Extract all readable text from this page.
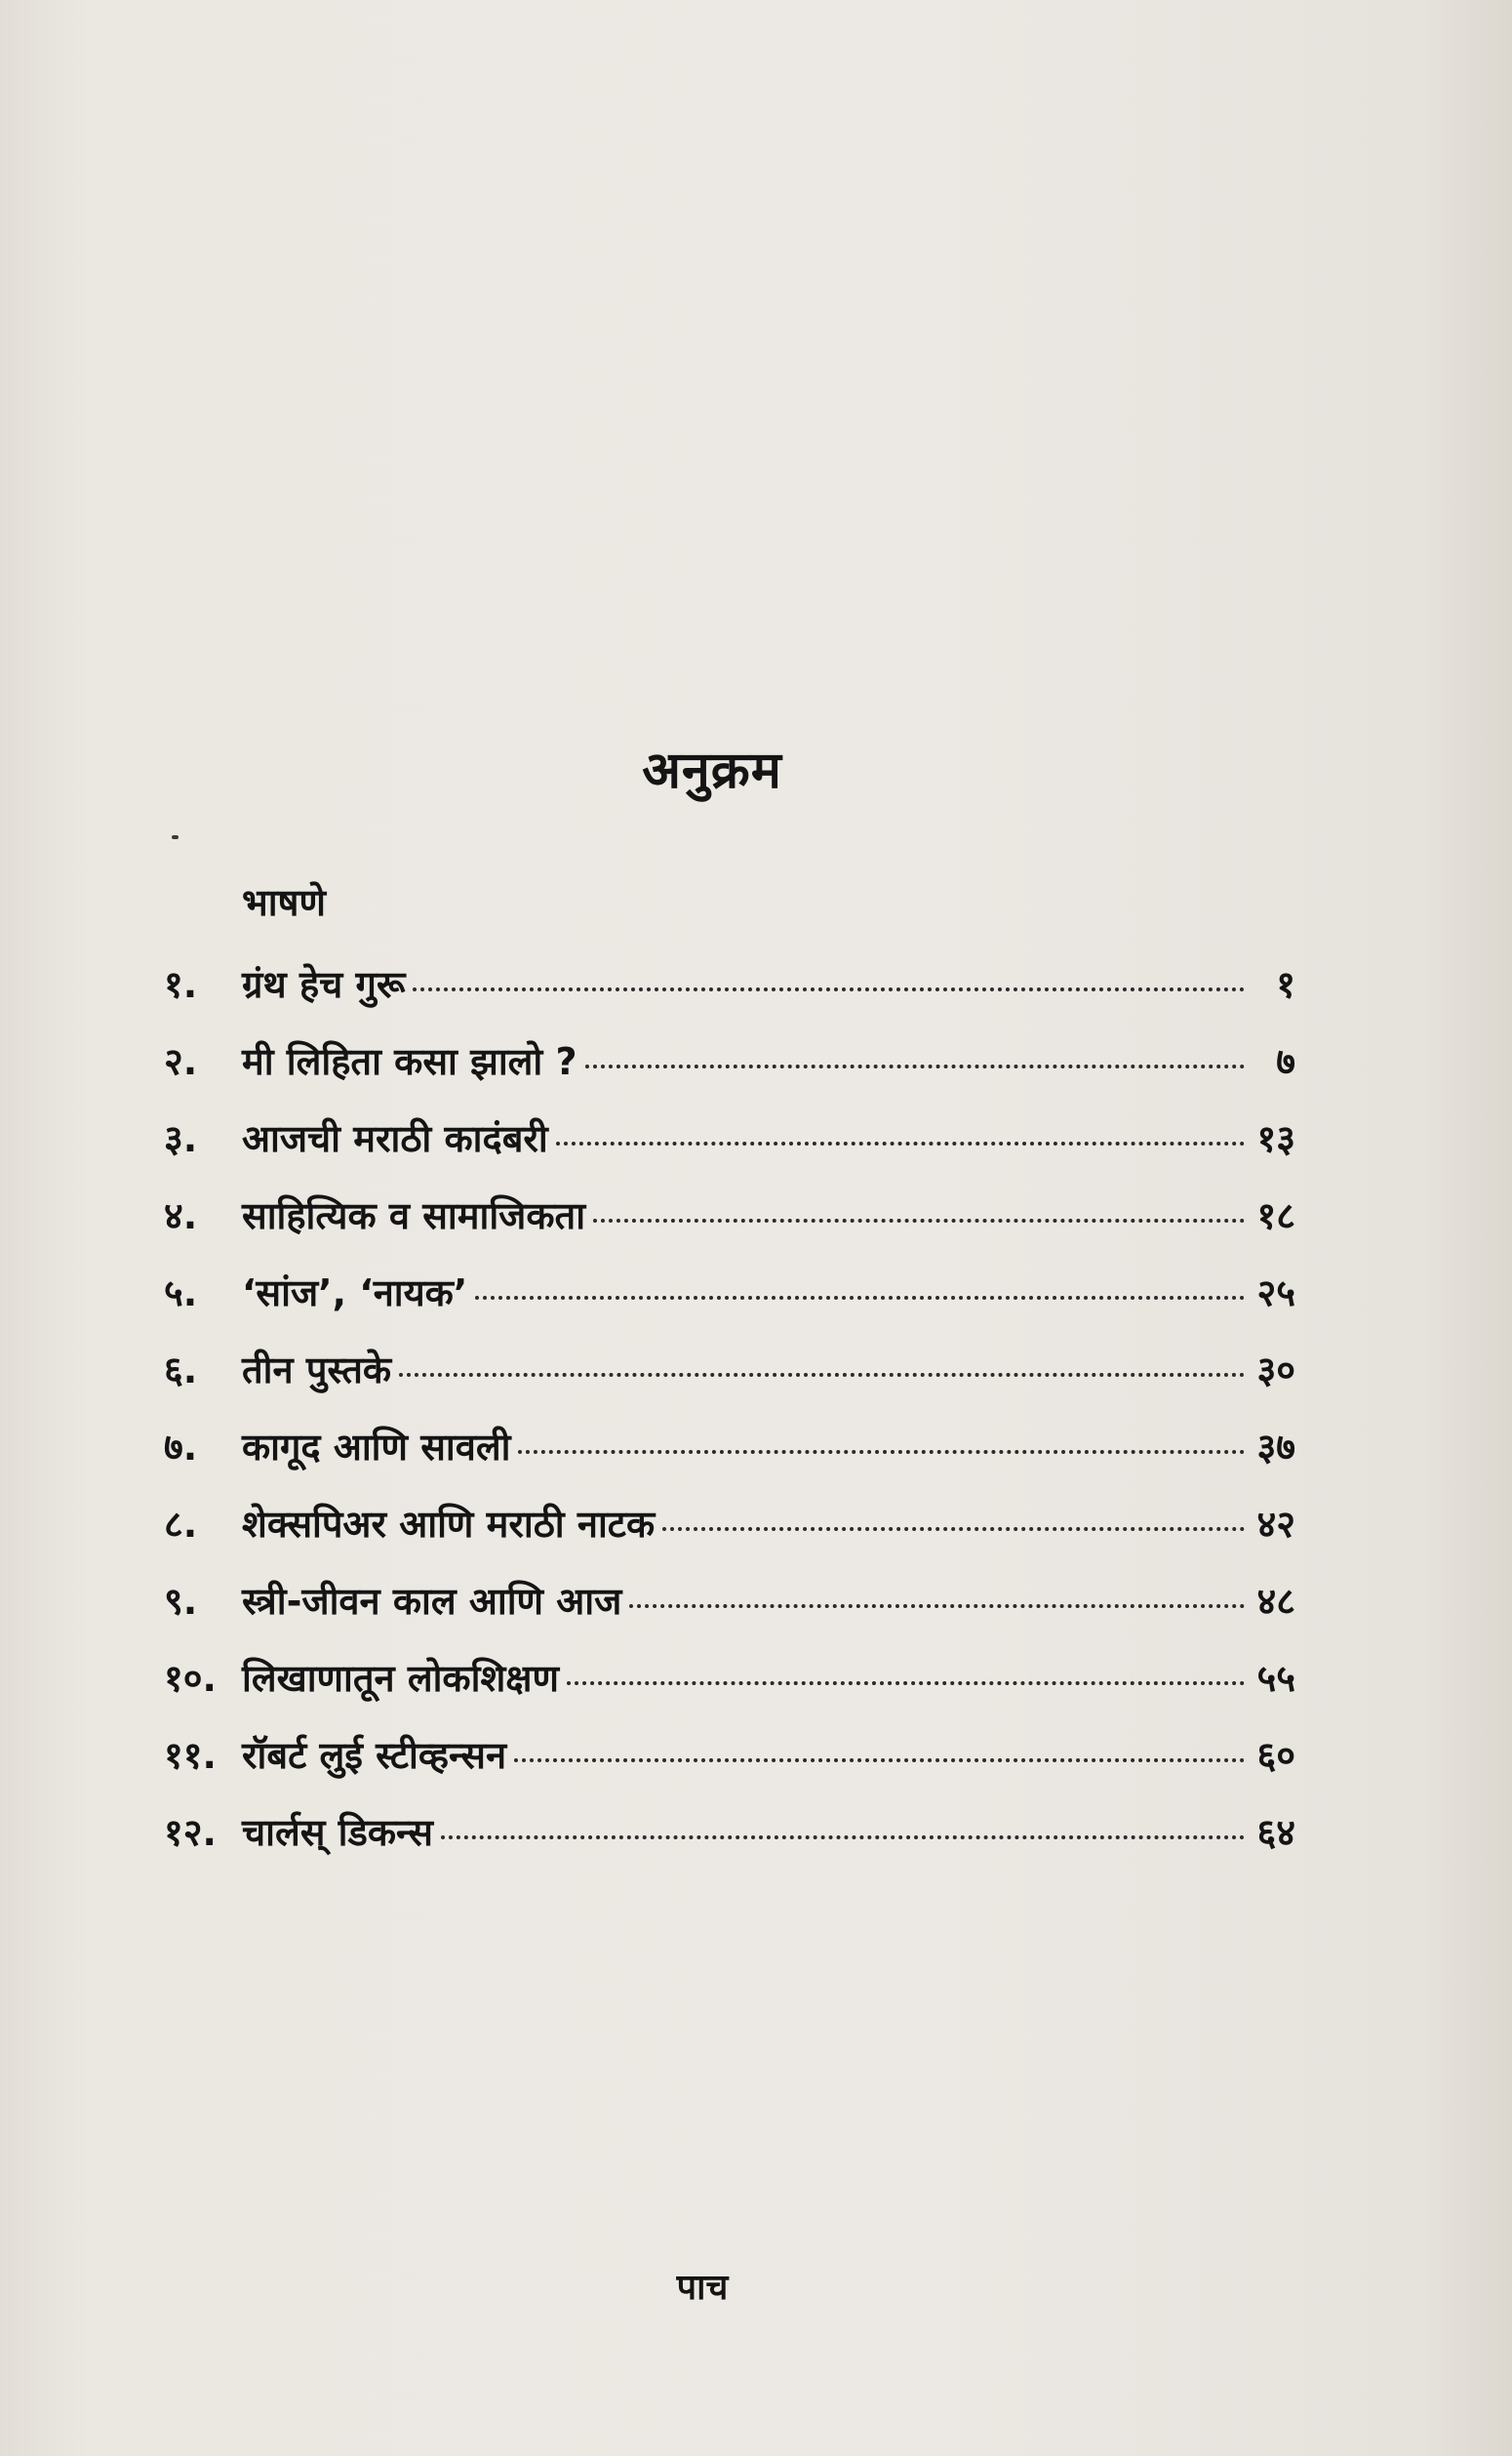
अनुक्रम
भाषणे
१.	ग्रंथ हेच गुरू	१
२.	मी लिहिता कसा झालो ?	७
३.	आजची मराठी कादंबरी	१३
४.	साहित्यिक व सामाजिकता	१८
५.	‘सांज’, ‘नायक’	२५
६.	तीन पुस्तके	३०
७.	कागूद आणि सावली	३७
८.	शेक्सपिअर आणि मराठी नाटक	४२
९.	स्त्री-जीवन काल आणि आज	४८
१०. लिखाणातून लोकशिक्षण	५५
११. रॉबर्ट लुई स्टीव्हन्सन	६०
१२. चार्लस् डिकन्स	६४
पाच
